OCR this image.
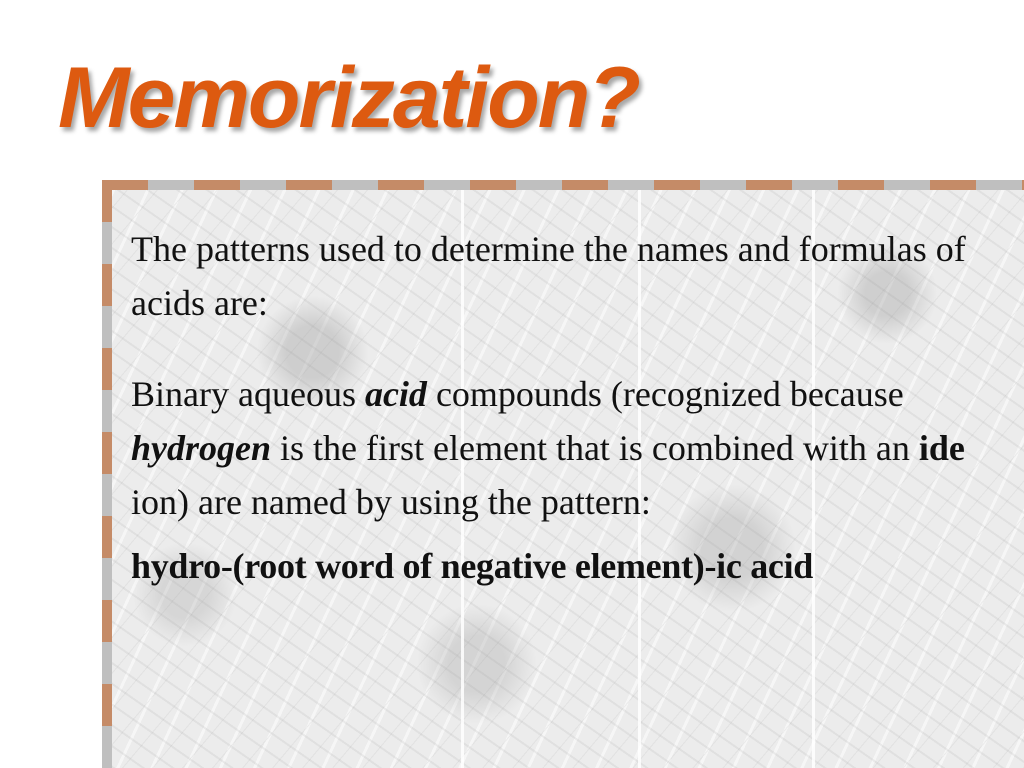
Memorization?

The patterns used to determine the names and formulas of acids are:

Binary aqueous acid compounds (recognized because hydrogen is the first element that is combined with an ide ion) are named by using the pattern:

hydro-(root word of negative element)-ic acid
